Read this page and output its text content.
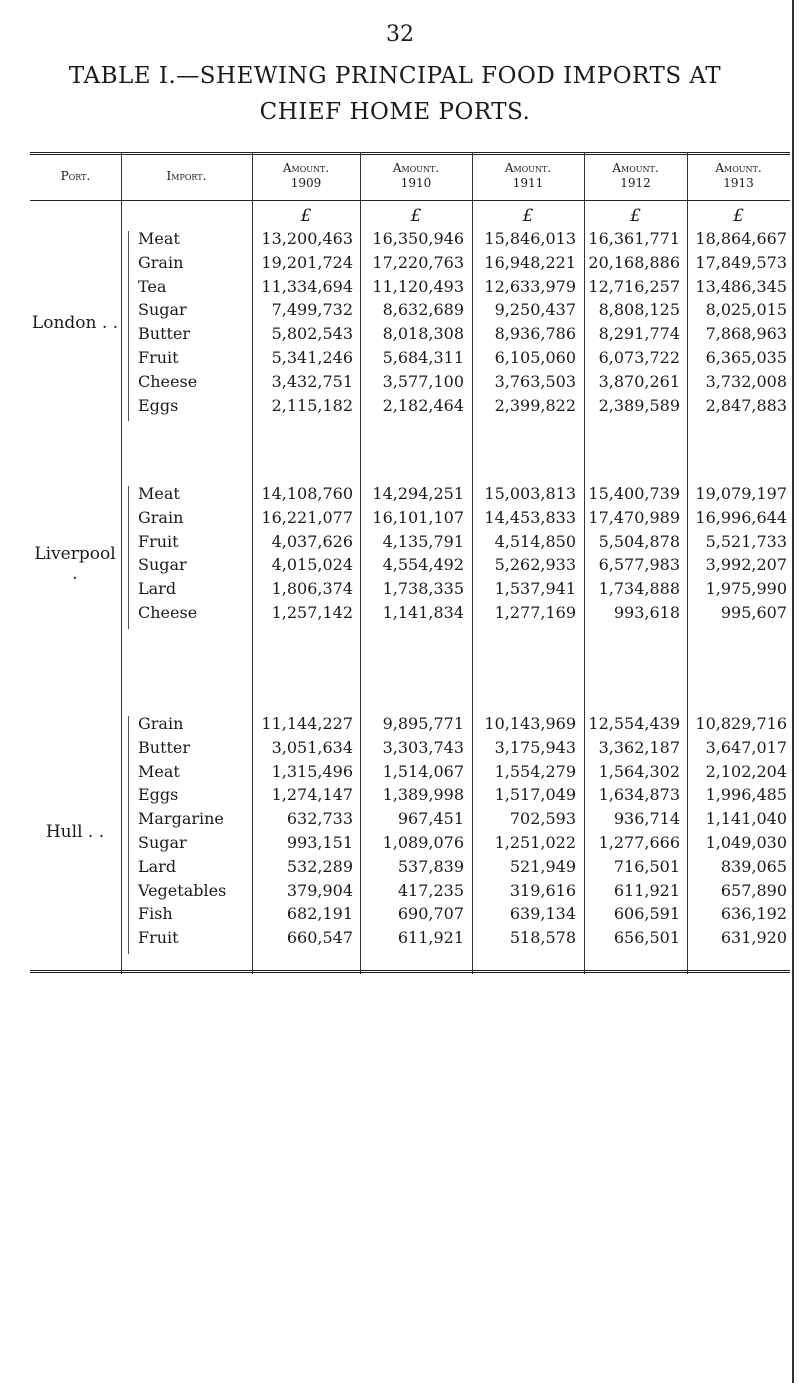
32
TABLE I.—SHEWING PRINCIPAL FOOD IMPORTS AT
CHIEF HOME PORTS.
Port.	Import.
Amount.
1909
Amount.
1910
Amount.
1911
Amount.
1912
Amount.
1913
£	£	£	£	£
London . .
Meat	13,200,463 16,350,946 15,846,013 16,361,771 18,864,667
Grain	19,201,724 17,220,763 16,948,221 20,168,886 17,849,573
Tea	11,334,694 11,120,493 12,633,979 12,716,257 13,486,345
Sugar	7,499,732 8,632,689 9,250,437 8,808,125 8,025,015
Butter	5,802,543 8,018,308 8,936,786 8,291,774 7,868,963
Fruit	5,341,246 5,684,311 6,105,060 6,073,722 6,365,035
Cheese	3,432,751 3,577,100 3,763,503 3,870,261 3,732,008
Eggs	2,115,182 2,182,464 2,399,822 2,389,589 2,847,883
Liverpool .
Meat	14,108,760 14,294,251 15,003,813 15,400,739 19,079,197
Grain	16,221,077 16,101,107 14,453,833 17,470,989 16,996,644
Fruit	4,037,626 4,135,791 4,514,850 5,504,878 5,521,733
Sugar	4,015,024 4,554,492 5,262,933 6,577,983 3,992,207
Lard	1,806,374 1,738,335 1,537,941 1,734,888 1,975,990
Cheese	1,257,142 1,141,834 1,277,169 993,618	995,607
Hull . .
Grain	11,144,227 9,895,771 10,143,969 12,554,439 10,829,716
Butter	3,051,634 3,303,743 3,175,943 3,362,187 3,647,017
Meat	1,315,496 1,514,067 1,554,279 1,564,302 2,102,204
Eggs	1,274,147 1,389,998 1,517,049 1,634,873 1,996,485
Margarine	632,733	967,451	702,593 936,714 1,141,040
Sugar	993,151 1,089,076 1,251,022 1,277,666 1,049,030
Lard	532,289	537,839	521,949 716,501	839,065
Vegetables	379,904	417,235	319,616 611,921	657,890
Fish	682,191	690,707	639,134 606,591	636,192
Fruit	660,547	611,921	518,578 656,501	631,920
